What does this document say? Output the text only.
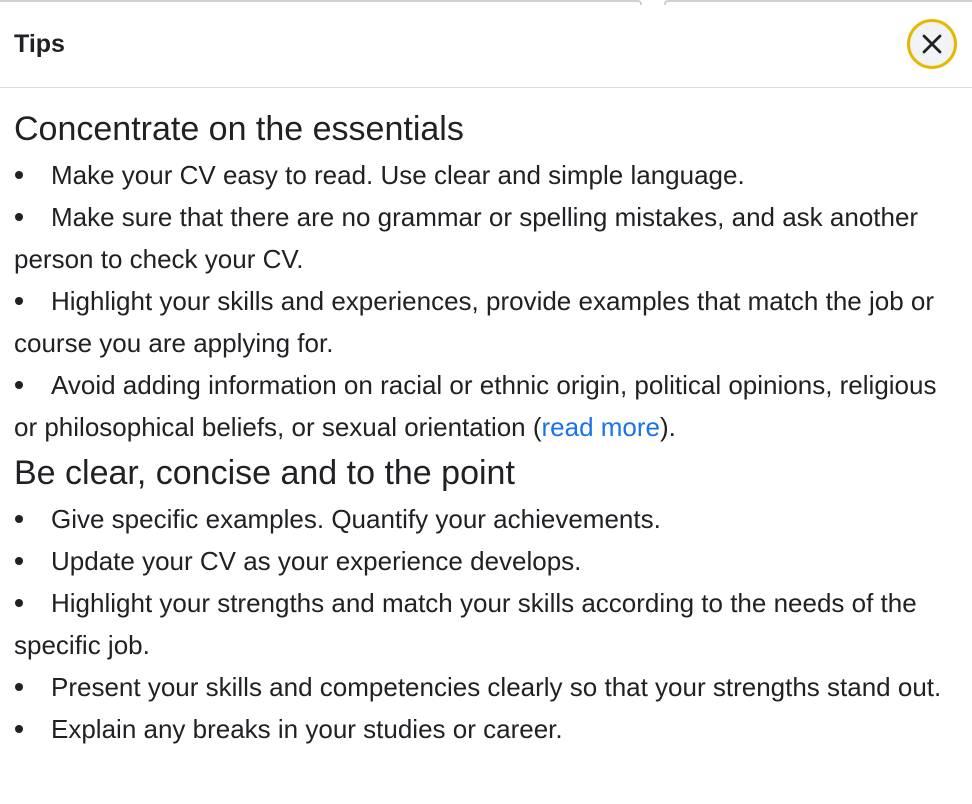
Tips
Concentrate on the essentials

Make your CV easy to read. Use clear and simple language.

Make sure that there are no grammar or spelling mistakes, and ask another person to check your CV.

Highlight your skills and experiences, provide examples that match the job or course you are applying for.

Avoid adding information on racial or ethnic origin, political opinions, religious or philosophical beliefs, or sexual orientation (read more).

Be clear, concise and to the point

Give specific examples. Quantify your achievements.

Update your CV as your experience develops.

Highlight your strengths and match your skills according to the needs of the specific job.

Present your skills and competencies clearly so that your strengths stand out.

Explain any breaks in your studies or career.
